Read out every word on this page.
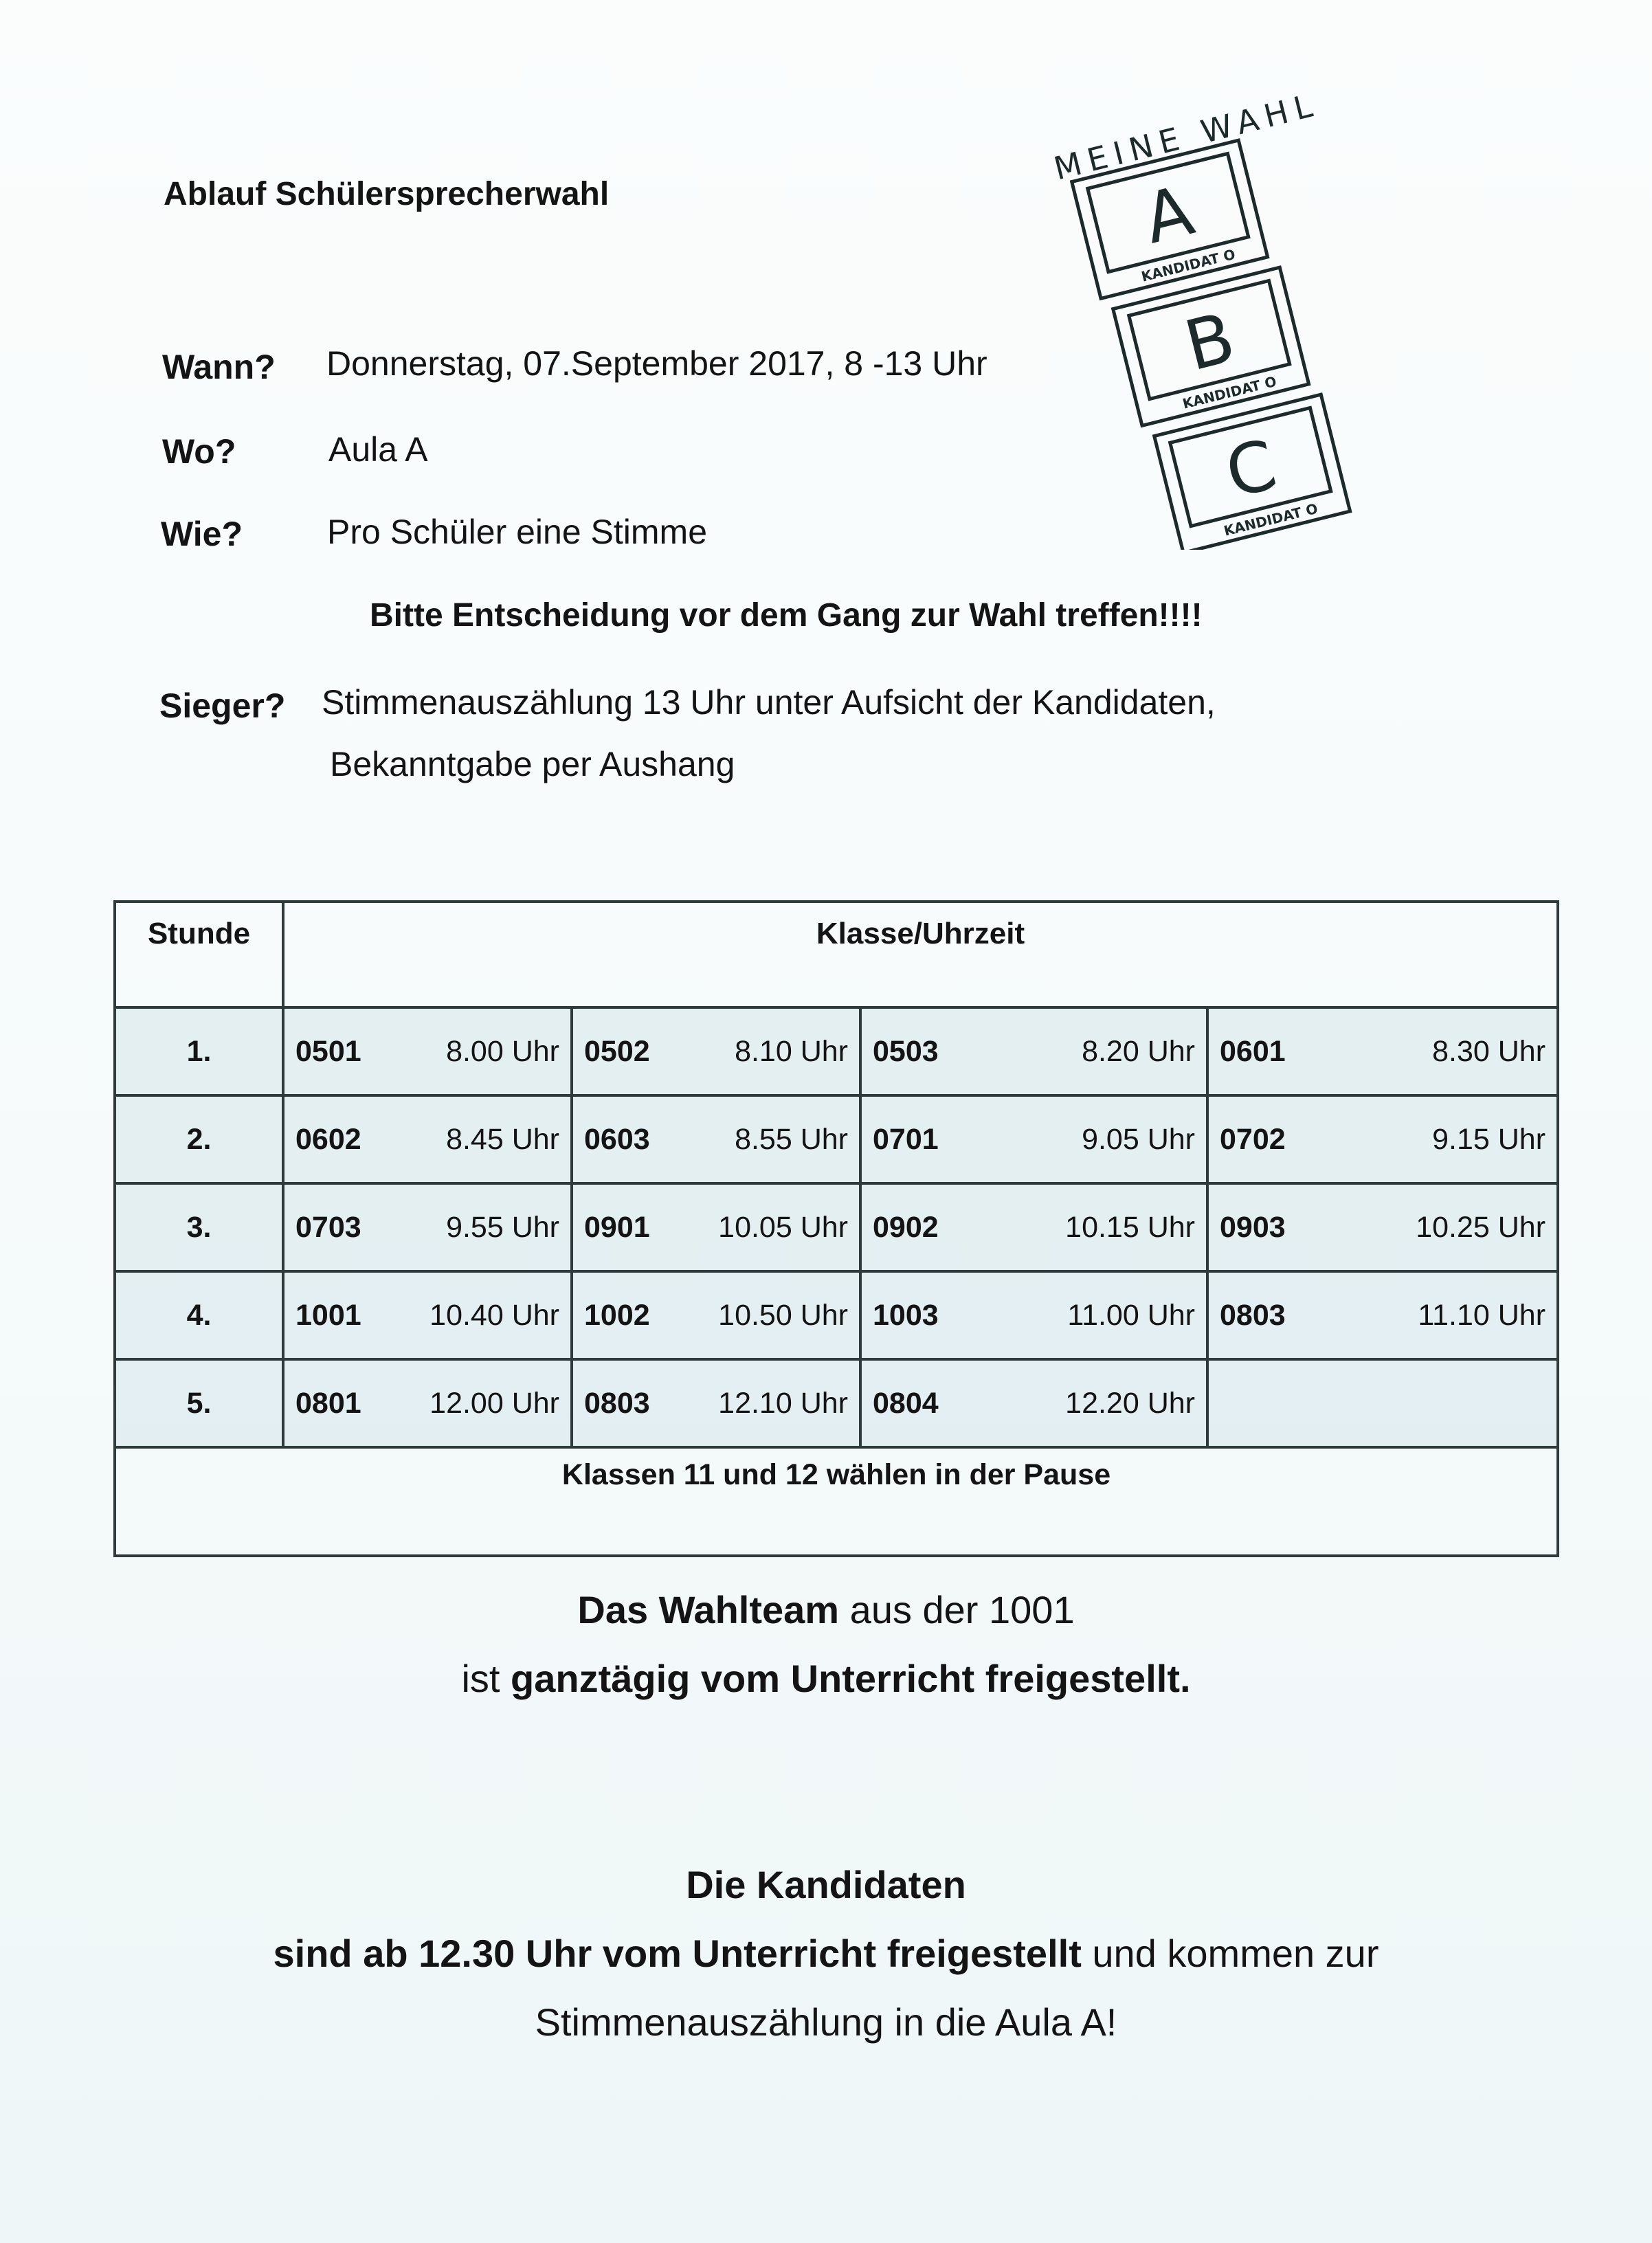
Ablauf Schülersprecherwahl
Wann? Donnerstag, 07.September 2017, 8 -13 Uhr
Wo?	Aula A
Wie? Pro Schüler eine Stimme
Bitte Entscheidung vor dem Gang zur Wahl treffen!!!!
Sieger? Stimmenauszählung 13 Uhr unter Aufsicht der Kandidaten,
Bekanntgabe per Aushang
MEINE WAHL
A
KANDIDAT O
B
KANDIDAT O
C
KANDIDAT O
Stunde	Klasse/Uhrzeit			
1.	0501 8.00 Uhr	0502 8.10 Uhr	0503 8.20 Uhr	0601 8.30 Uhr

2.	0602 8.45 Uhr	0603 8.55 Uhr	0701 9.05 Uhr	0702 9.15 Uhr

3.	0703 9.55 Uhr	0901 10.05 Uhr	0902 10.15 Uhr	0903 10.25 Uhr

4.	1001 10.40 Uhr	1002 10.50 Uhr	1003 11.00 Uhr	0803 11.10 Uhr

5.	0801 12.00 Uhr	0803 12.10 Uhr	0804 12.20 Uhr	

Klassen 11 und 12 wählen in der Pause				
Das Wahlteam aus der 1001
ist ganztägig vom Unterricht freigestellt.
Die Kandidaten
sind ab 12.30 Uhr vom Unterricht freigestellt und kommen zur
Stimmenauszählung in die Aula A!
